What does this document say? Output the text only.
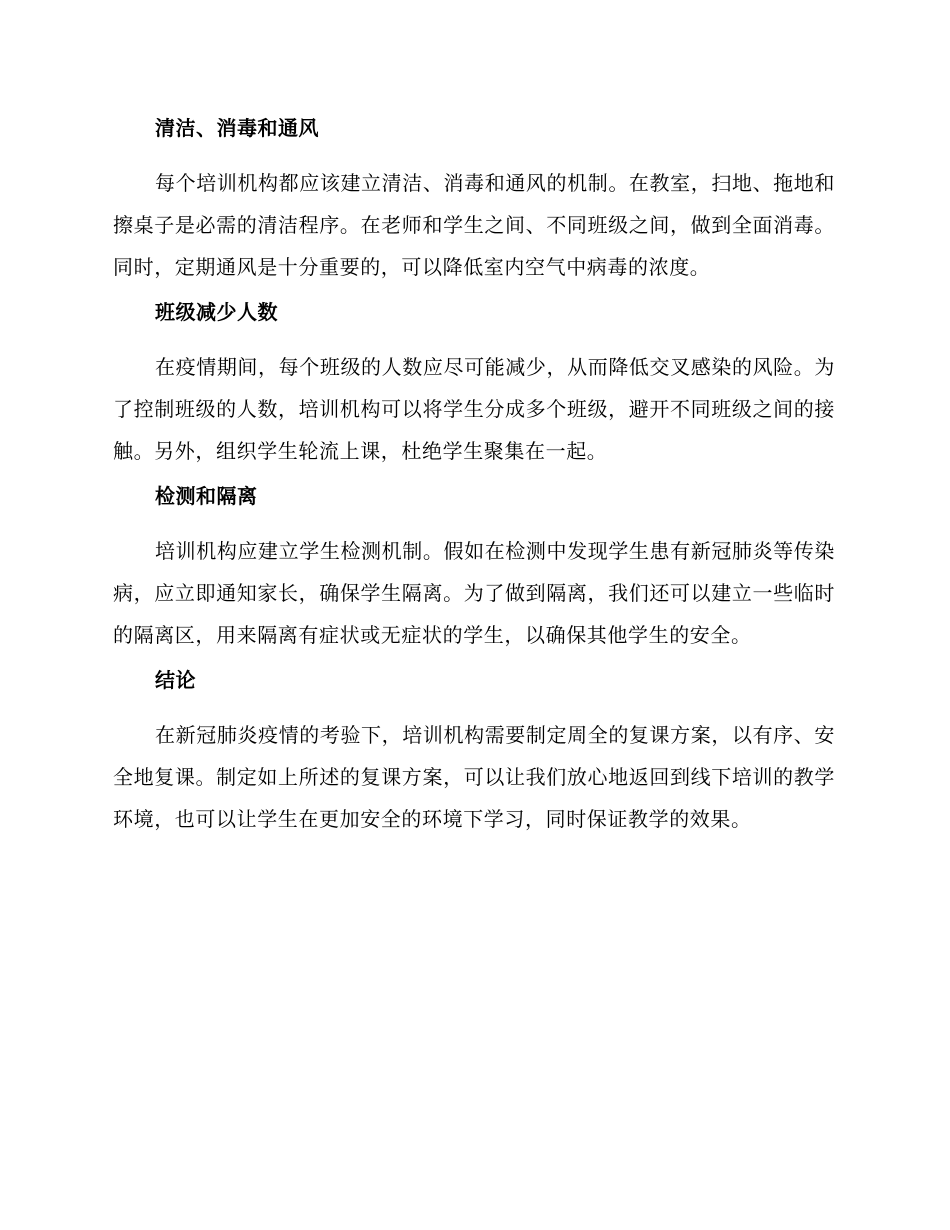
清洁、消毒和通风

每个培训机构都应该建立清洁、消毒和通风的机制。在教室，扫地、拖地和擦桌子是必需的清洁程序。在老师和学生之间、不同班级之间，做到全面消毒。同时，定期通风是十分重要的，可以降低室内空气中病毒的浓度。

班级减少人数

在疫情期间，每个班级的人数应尽可能减少，从而降低交叉感染的风险。为了控制班级的人数，培训机构可以将学生分成多个班级，避开不同班级之间的接触。另外，组织学生轮流上课，杜绝学生聚集在一起。

检测和隔离

培训机构应建立学生检测机制。假如在检测中发现学生患有新冠肺炎等传染病，应立即通知家长，确保学生隔离。为了做到隔离，我们还可以建立一些临时的隔离区，用来隔离有症状或无症状的学生，以确保其他学生的安全。

结论

在新冠肺炎疫情的考验下，培训机构需要制定周全的复课方案，以有序、安全地复课。制定如上所述的复课方案，可以让我们放心地返回到线下培训的教学环境，也可以让学生在更加安全的环境下学习，同时保证教学的效果。
